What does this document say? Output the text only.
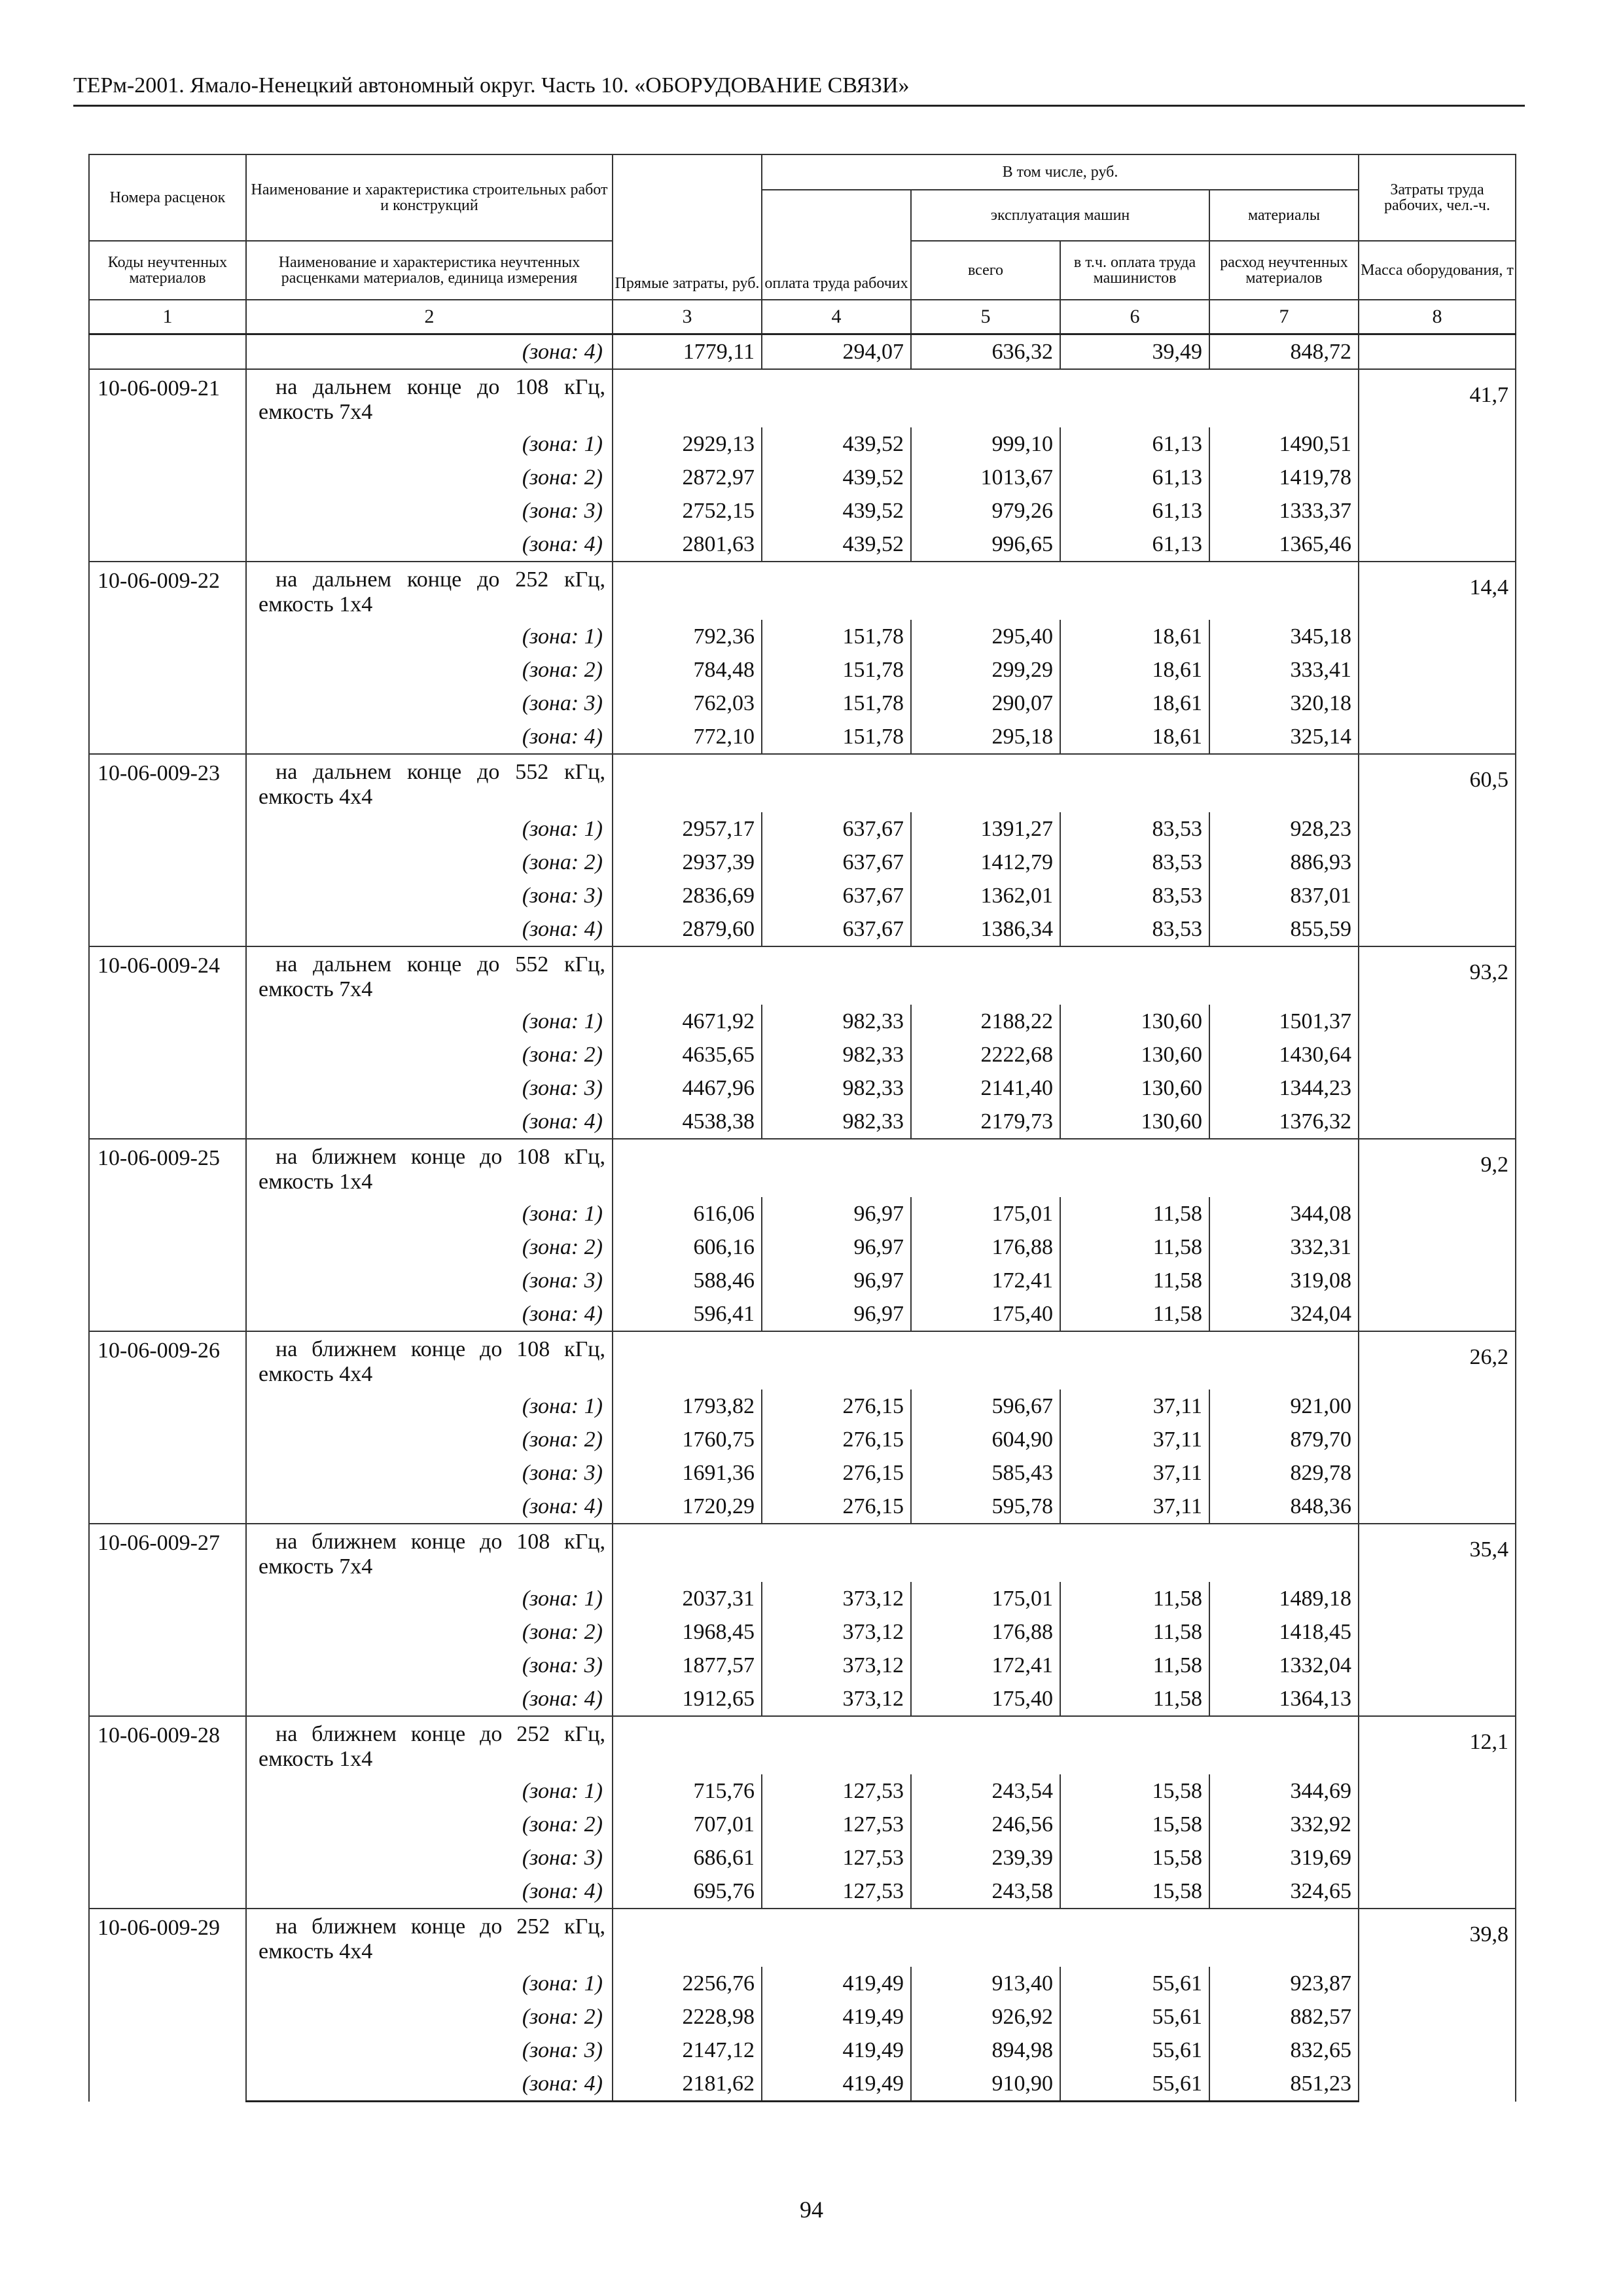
ТЕРм-2001. Ямало-Ненецкий автономный округ. Часть 10. «ОБОРУДОВАНИЕ СВЯЗИ»
Номера расценок	Наименование и характеристика строительных работ и конструкций	Прямые затраты, руб.	В том числе, руб.				Затраты труда рабочих, чел.-ч.
			оплата труда рабочих	эксплуатация машин		материалы	
Коды неучтенных материалов	Наименование и характеристика неучтенных расценками материалов, единица измерения			всего	в т.ч. оплата труда машинистов	расход неучтенных материалов	Масса оборудования, т
1	2	3	4	5	6	7	8
	(зона: 4)	1779,11	294,07	636,32	39,49	848,72	
10-06-009-21	на дальнем конце до 108 кГц, емкость 7х4						41,7
	(зона: 1)	2929,13	439,52	999,10	61,13	1490,51	
	(зона: 2)	2872,97	439,52	1013,67	61,13	1419,78	
	(зона: 3)	2752,15	439,52	979,26	61,13	1333,37	
	(зона: 4)	2801,63	439,52	996,65	61,13	1365,46	
10-06-009-22	на дальнем конце до 252 кГц, емкость 1х4						14,4
	(зона: 1)	792,36	151,78	295,40	18,61	345,18	
	(зона: 2)	784,48	151,78	299,29	18,61	333,41	
	(зона: 3)	762,03	151,78	290,07	18,61	320,18	
	(зона: 4)	772,10	151,78	295,18	18,61	325,14	
10-06-009-23	на дальнем конце до 552 кГц, емкость 4х4						60,5
	(зона: 1)	2957,17	637,67	1391,27	83,53	928,23	
	(зона: 2)	2937,39	637,67	1412,79	83,53	886,93	
	(зона: 3)	2836,69	637,67	1362,01	83,53	837,01	
	(зона: 4)	2879,60	637,67	1386,34	83,53	855,59	
10-06-009-24	на дальнем конце до 552 кГц, емкость 7х4						93,2
	(зона: 1)	4671,92	982,33	2188,22	130,60	1501,37	
	(зона: 2)	4635,65	982,33	2222,68	130,60	1430,64	
	(зона: 3)	4467,96	982,33	2141,40	130,60	1344,23	
	(зона: 4)	4538,38	982,33	2179,73	130,60	1376,32	
10-06-009-25	на ближнем конце до 108 кГц, емкость 1х4						9,2
	(зона: 1)	616,06	96,97	175,01	11,58	344,08	
	(зона: 2)	606,16	96,97	176,88	11,58	332,31	
	(зона: 3)	588,46	96,97	172,41	11,58	319,08	
	(зона: 4)	596,41	96,97	175,40	11,58	324,04	
10-06-009-26	на ближнем конце до 108 кГц, емкость 4х4						26,2
	(зона: 1)	1793,82	276,15	596,67	37,11	921,00	
	(зона: 2)	1760,75	276,15	604,90	37,11	879,70	
	(зона: 3)	1691,36	276,15	585,43	37,11	829,78	
	(зона: 4)	1720,29	276,15	595,78	37,11	848,36	
10-06-009-27	на ближнем конце до 108 кГц, емкость 7х4						35,4
	(зона: 1)	2037,31	373,12	175,01	11,58	1489,18	
	(зона: 2)	1968,45	373,12	176,88	11,58	1418,45	
	(зона: 3)	1877,57	373,12	172,41	11,58	1332,04	
	(зона: 4)	1912,65	373,12	175,40	11,58	1364,13	
10-06-009-28	на ближнем конце до 252 кГц, емкость 1х4						12,1
	(зона: 1)	715,76	127,53	243,54	15,58	344,69	
	(зона: 2)	707,01	127,53	246,56	15,58	332,92	
	(зона: 3)	686,61	127,53	239,39	15,58	319,69	
	(зона: 4)	695,76	127,53	243,58	15,58	324,65	
10-06-009-29	на ближнем конце до 252 кГц, емкость 4х4						39,8
	(зона: 1)	2256,76	419,49	913,40	55,61	923,87	
	(зона: 2)	2228,98	419,49	926,92	55,61	882,57	
	(зона: 3)	2147,12	419,49	894,98	55,61	832,65	
	(зона: 4)	2181,62	419,49	910,90	55,61	851,23	
94
